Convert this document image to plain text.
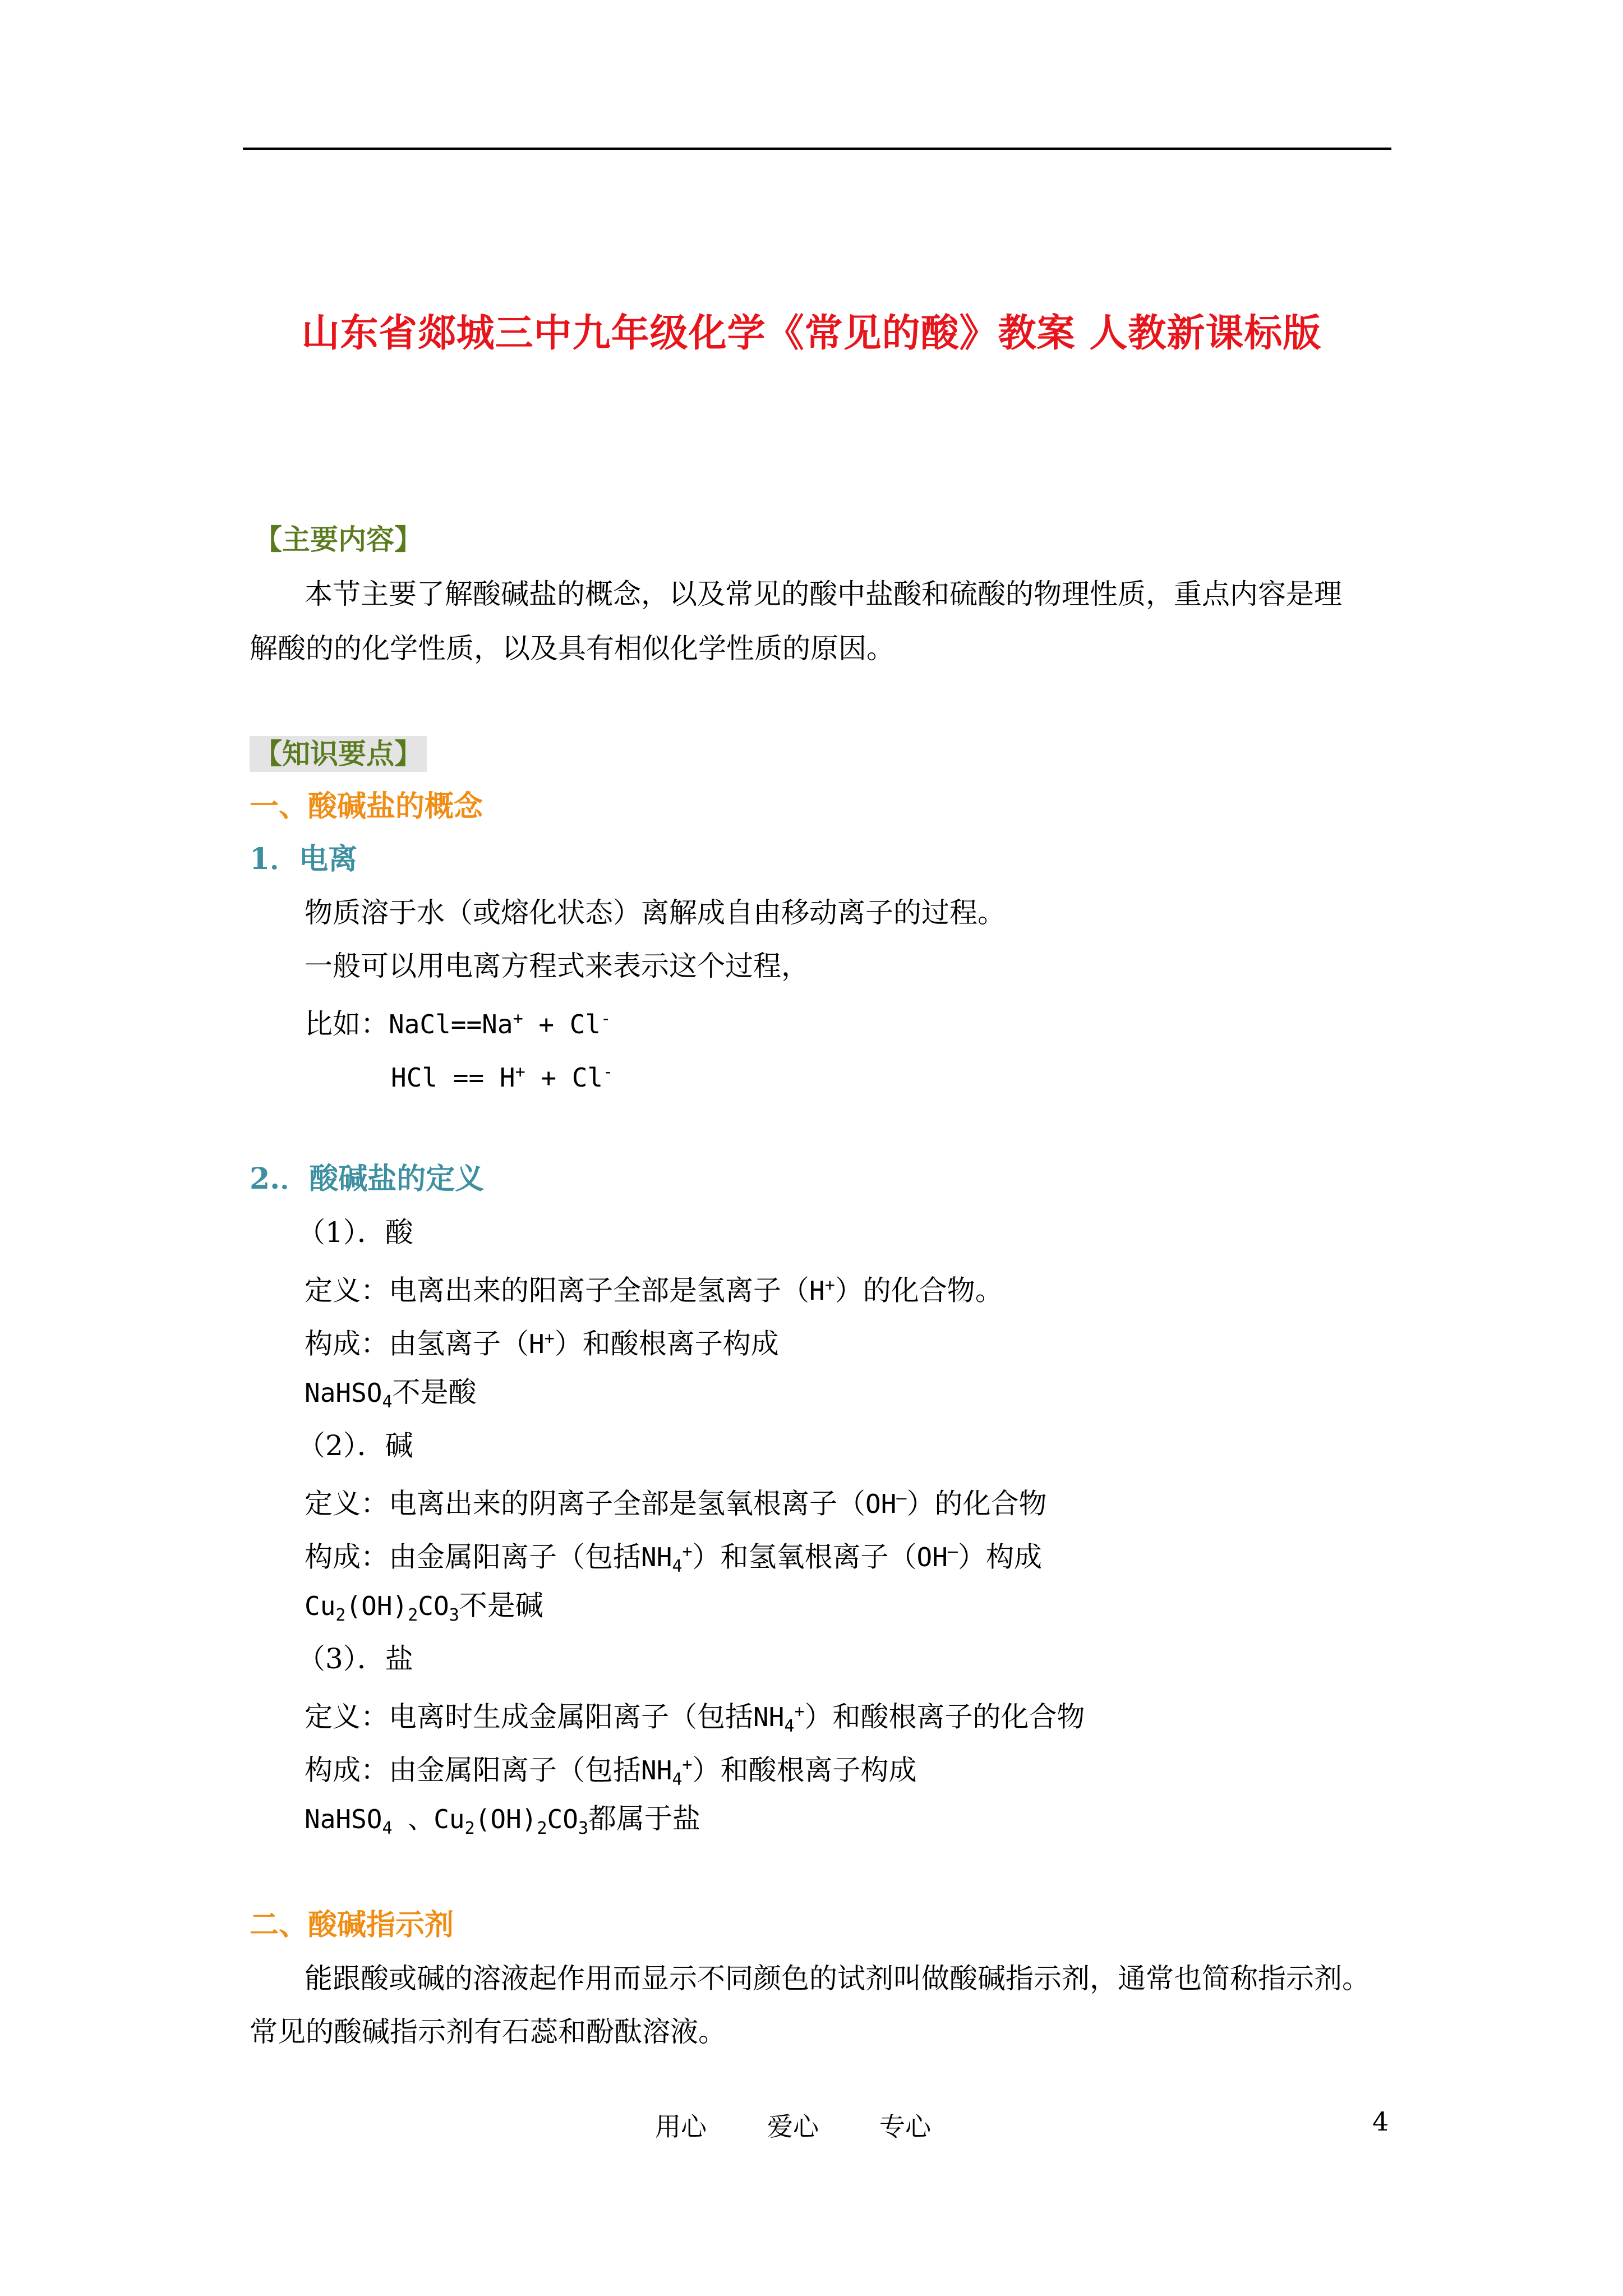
山东省郯城三中九年级化学《常见的酸》教案 人教新课标版
【主要内容】
本节主要了解酸碱盐的概念，以及常见的酸中盐酸和硫酸的物理性质，重点内容是理
解酸的的化学性质，以及具有相似化学性质的原因。
【知识要点】
一、酸碱盐的概念
1．电离
物质溶于水（或熔化状态）离解成自由移动离子的过程。
一般可以用电离方程式来表示这个过程，
比如：NaCl==Na+ + Cl-
HCl == H+ + Cl-
2.．酸碱盐的定义
（1）．酸
定义：电离出来的阳离子全部是氢离子（H+）的化合物。
构成：由氢离子（H+）和酸根离子构成
NaHSO$_4$不是酸
（2）．碱
定义：电离出来的阴离子全部是氢氧根离子（OH—）的化合物
构成：由金属阳离子（包括$NH_4^+$）和氢氧根离子（OH—）构成
$Cu_2(OH)_2CO_3$不是碱
（3）．盐
定义：电离时生成金属阳离子（包括$NH_4^+$）和酸根离子的化合物
构成：由金属阳离子（包括$NH_4^+$）和酸根离子构成
NaHSO$_4$ 、$Cu_2(OH)_2CO_3$都属于盐
二、酸碱指示剂
能跟酸或碱的溶液起作用而显示不同颜色的试剂叫做酸碱指示剂，通常也简称指示剂。
常见的酸碱指示剂有石蕊和酚酞溶液。
用心 爱心 专心	4
